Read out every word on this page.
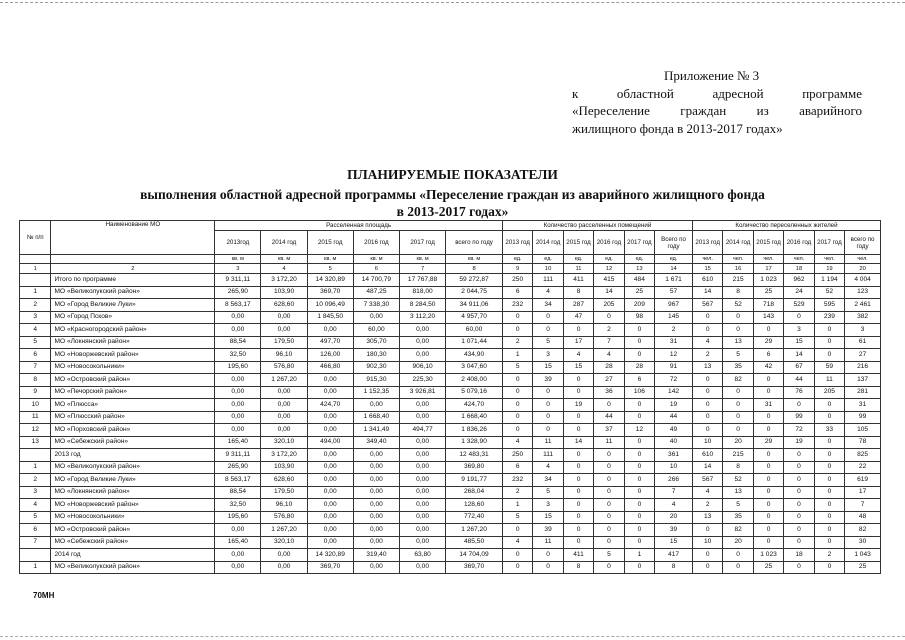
Приложение № 3
к	областной	адресной	программе
«Переселение граждан из аварийного
жилищного фонда в 2013-2017 годах»
ПЛАНИРУЕМЫЕ ПОКАЗАТЕЛИ
выполнения областной адресной программы «Переселение граждан из аварийного жилищного фонда
в 2013-2017 годах»
№ п/п	Наименование МО	Расселенная площадь						Количество расселенных помещений						Количество переселенных жителей					
		2013год	2014 год	2015 год	2016 год	2017 год	всего по году	2013 год	2014 год	2015 год	2016 год	2017 год	Всего по году	2013 год	2014 год	2015 год	2016 год	2017 год	всего по году
		кв. м	кв. м	кв. м	кв. м	кв. м	кв. м	ед.	ед.	ед.	ед.	ед.	ед.	чел.	чел.	чел.	чел.	чел.	чел.
1	2	3	4	5	6	7	8	9	10	11	12	13	14	15	16	17	18	19	20
	Итого по программе	9 311,11	3 172,20	14 320,89	14 700,79	17 767,88	59 272,87	250	111	411	415	484	1 671	610	215	1 023	962	1 194	4 004
1	МО «Великолукский район»	265,90	103,90	369,70	487,25	818,00	2 044,75	6	4	8	14	25	57	14	8	25	24	52	123
2	МО «Город Великие Луки»	8 563,17	628,60	10 096,49	7 338,30	8 284,50	34 911,06	232	34	287	205	209	967	567	52	718	529	595	2 461
3	МО «Город Псков»	0,00	0,00	1 845,50	0,00	3 112,20	4 957,70	0	0	47	0	98	145	0	0	143	0	239	382
4	МО «Красногородский район»	0,00	0,00	0,00	60,00	0,00	60,00	0	0	0	2	0	2	0	0	0	3	0	3
5	МО «Локнянский район»	88,54	179,50	497,70	305,70	0,00	1 071,44	2	5	17	7	0	31	4	13	29	15	0	61
6	МО «Новоржевский район»	32,50	96,10	126,00	180,30	0,00	434,90	1	3	4	4	0	12	2	5	6	14	0	27
7	МО «Новосокольники»	195,60	576,80	466,80	902,30	906,10	3 047,60	5	15	15	28	28	91	13	35	42	67	59	216
8	МО «Островский район»	0,00	1 267,20	0,00	915,30	225,30	2 408,00	0	39	0	27	6	72	0	82	0	44	11	137
9	МО «Печорский район»	0,00	0,00	0,00	1 152,35	3 926,81	5 079,16	0	0	0	36	106	142	0	0	0	76	205	281
10	МО «Плюсса»	0,00	0,00	424,70	0,00	0,00	424,70	0	0	19	0	0	19	0	0	31	0	0	31
11	МО «Плюсский район»	0,00	0,00	0,00	1 668,40	0,00	1 668,40	0	0	0	44	0	44	0	0	0	99	0	99
12	МО «Порховский район»	0,00	0,00	0,00	1 341,49	494,77	1 836,26	0	0	0	37	12	49	0	0	0	72	33	105
13	МО «Себежский район»	165,40	320,10	494,00	349,40	0,00	1 328,90	4	11	14	11	0	40	10	20	29	19	0	78
	2013 год	9 311,11	3 172,20	0,00	0,00	0,00	12 483,31	250	111	0	0	0	361	610	215	0	0	0	825
1	МО «Великолукский район»	265,90	103,90	0,00	0,00	0,00	369,80	6	4	0	0	0	10	14	8	0	0	0	22
2	МО «Город Великие Луки»	8 563,17	628,60	0,00	0,00	0,00	9 191,77	232	34	0	0	0	266	567	52	0	0	0	619
3	МО «Локнянский район»	88,54	179,50	0,00	0,00	0,00	268,04	2	5	0	0	0	7	4	13	0	0	0	17
4	МО «Новоржевский район»	32,50	96,10	0,00	0,00	0,00	128,60	1	3	0	0	0	4	2	5	0	0	0	7
5	МО «Новосокольники»	195,60	576,80	0,00	0,00	0,00	772,40	5	15	0	0	0	20	13	35	0	0	0	48
6	МО «Островский район»	0,00	1 267,20	0,00	0,00	0,00	1 267,20	0	39	0	0	0	39	0	82	0	0	0	82
7	МО «Себежский район»	165,40	320,10	0,00	0,00	0,00	485,50	4	11	0	0	0	15	10	20	0	0	0	30
	2014 год	0,00	0,00	14 320,89	319,40	63,80	14 704,09	0	0	411	5	1	417	0	0	1 023	18	2	1 043
1	МО «Великолукский район»	0,00	0,00	369,70	0,00	0,00	369,70	0	0	8	0	0	8	0	0	25	0	0	25
70МН
